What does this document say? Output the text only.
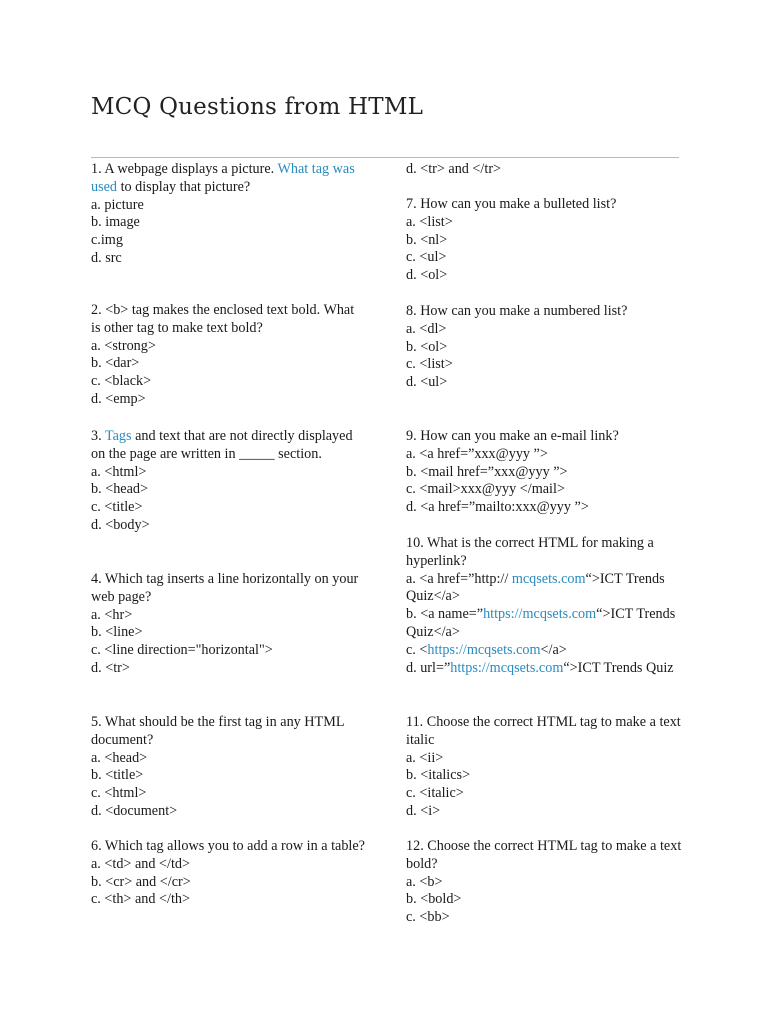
MCQ Questions from HTML

1. A webpage displays a picture. What tag was used to display that picture?

a. picture

b. image

c.img

d. src

2. <b> tag makes the enclosed text bold. What is other tag to make text bold?

a. <strong>

b. <dar>

c. <black>

d. <emp>

3. Tags and text that are not directly displayed on the page are written in _____ section.

a. <html>

b. <head>

c. <title>

d. <body>

4. Which tag inserts a line horizontally on your web page?

a. <hr>

b. <line>

c. <line direction="horizontal">

d. <tr>

5. What should be the first tag in any HTML document?

a. <head>

b. <title>

c. <html>

d. <document>

6. Which tag allows you to add a row in a table?

a. <td> and </td>

b. <cr> and </cr>

c. <th> and </th>

d. <tr> and </tr>

7. How can you make a bulleted list?

a. <list>

b. <nl>

c. <ul>

d. <ol>

8. How can you make a numbered list?

a. <dl>

b. <ol>

c. <list>

d. <ul>

9. How can you make an e-mail link?

a. <a href=”xxx@yyy ”>

b. <mail href=”xxx@yyy ”>

c. <mail>xxx@yyy </mail>

d. <a href=”mailto:xxx@yyy ”>

10. What is the correct HTML for making a hyperlink?

a. <a href=”http:// mcqsets.com“>ICT Trends Quiz</a>

b. <a name=”https://mcqsets.com“>ICT Trends Quiz</a>

c. <https://mcqsets.com</a>

d. url=”https://mcqsets.com“>ICT Trends Quiz

11. Choose the correct HTML tag to make a text italic

a. <ii>

b. <italics>

c. <italic>

d. <i>

12. Choose the correct HTML tag to make a text bold?

a. <b>

b. <bold>

c. <bb>
